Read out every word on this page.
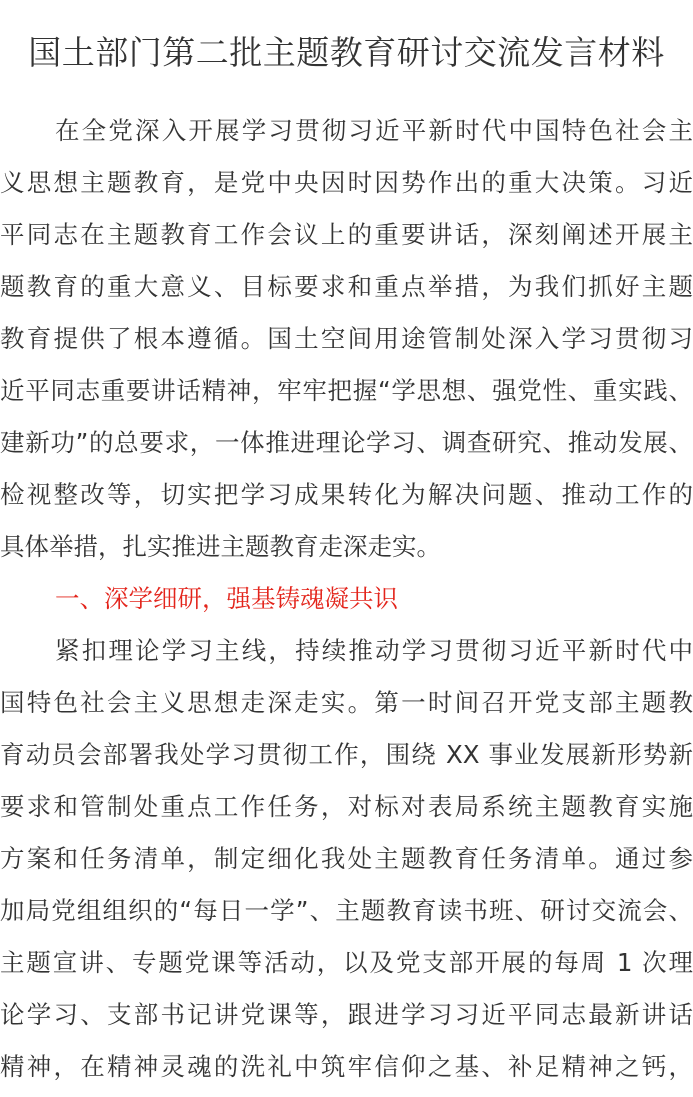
国土部门第二批主题教育研讨交流发言材料
在全党深入开展学习贯彻习近平新时代中国特色社会主
义思想主题教育，是党中央因时因势作出的重大决策。习近
平同志在主题教育工作会议上的重要讲话，深刻阐述开展主
题教育的重大意义、目标要求和重点举措，为我们抓好主题
教育提供了根本遵循。国土空间用途管制处深入学习贯彻习
近平同志重要讲话精神，牢牢把握“学思想、强党性、重实践、
建新功”的总要求，一体推进理论学习、调查研究、推动发展、
检视整改等，切实把学习成果转化为解决问题、推动工作的
具体举措，扎实推进主题教育走深走实。
一、深学细研，强基铸魂凝共识
紧扣理论学习主线，持续推动学习贯彻习近平新时代中
国特色社会主义思想走深走实。第一时间召开党支部主题教
育动员会部署我处学习贯彻工作，围绕 XX 事业发展新形势新
要求和管制处重点工作任务，对标对表局系统主题教育实施
方案和任务清单，制定细化我处主题教育任务清单。通过参
加局党组组织的“每日一学”、主题教育读书班、研讨交流会、
主题宣讲、专题党课等活动，以及党支部开展的每周 1 次理
论学习、支部书记讲党课等，跟进学习习近平同志最新讲话
精神，在精神灵魂的洗礼中筑牢信仰之基、补足精神之钙，
